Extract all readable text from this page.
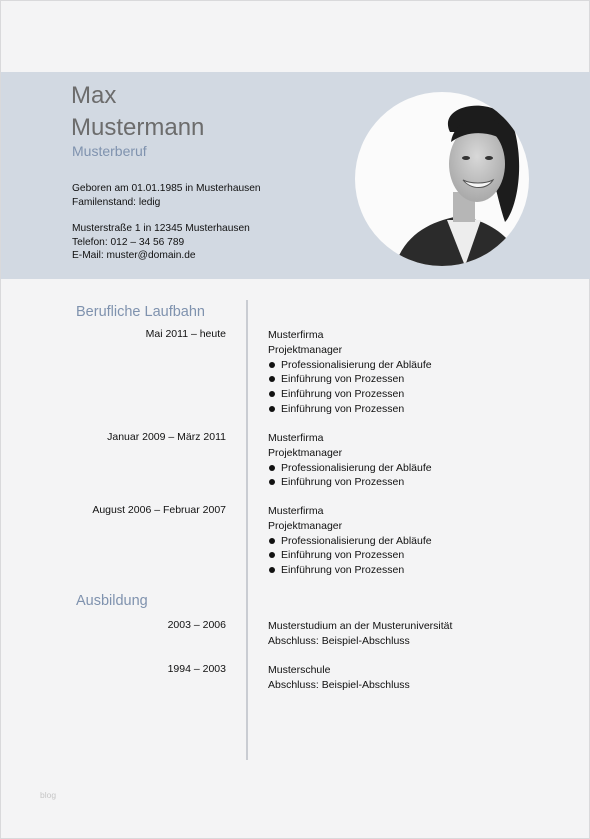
Max
Mustermann
Musterberuf
Geboren am 01.01.1985 in Musterhausen
Familenstand: ledig
Musterstraße 1 in 12345 Musterhausen
Telefon: 012 – 34 56 789
E-Mail: muster@domain.de
Berufliche Laufbahn
Mai 2011 – heute	Musterfirma
Projektmanager
Professionalisierung der Abläufe
Einführung von Prozessen
Einführung von Prozessen
Einführung von Prozessen
Januar 2009 – März 2011	Musterfirma
Projektmanager
Professionalisierung der Abläufe
Einführung von Prozessen
August 2006 – Februar 2007	Musterfirma
Projektmanager
Professionalisierung der Abläufe
Einführung von Prozessen
Einführung von Prozessen
Ausbildung
2003 – 2006	Musterstudium an der Musteruniversität
Abschluss: Beispiel-Abschluss
1994 – 2003	Musterschule
Abschluss: Beispiel-Abschluss
blog
